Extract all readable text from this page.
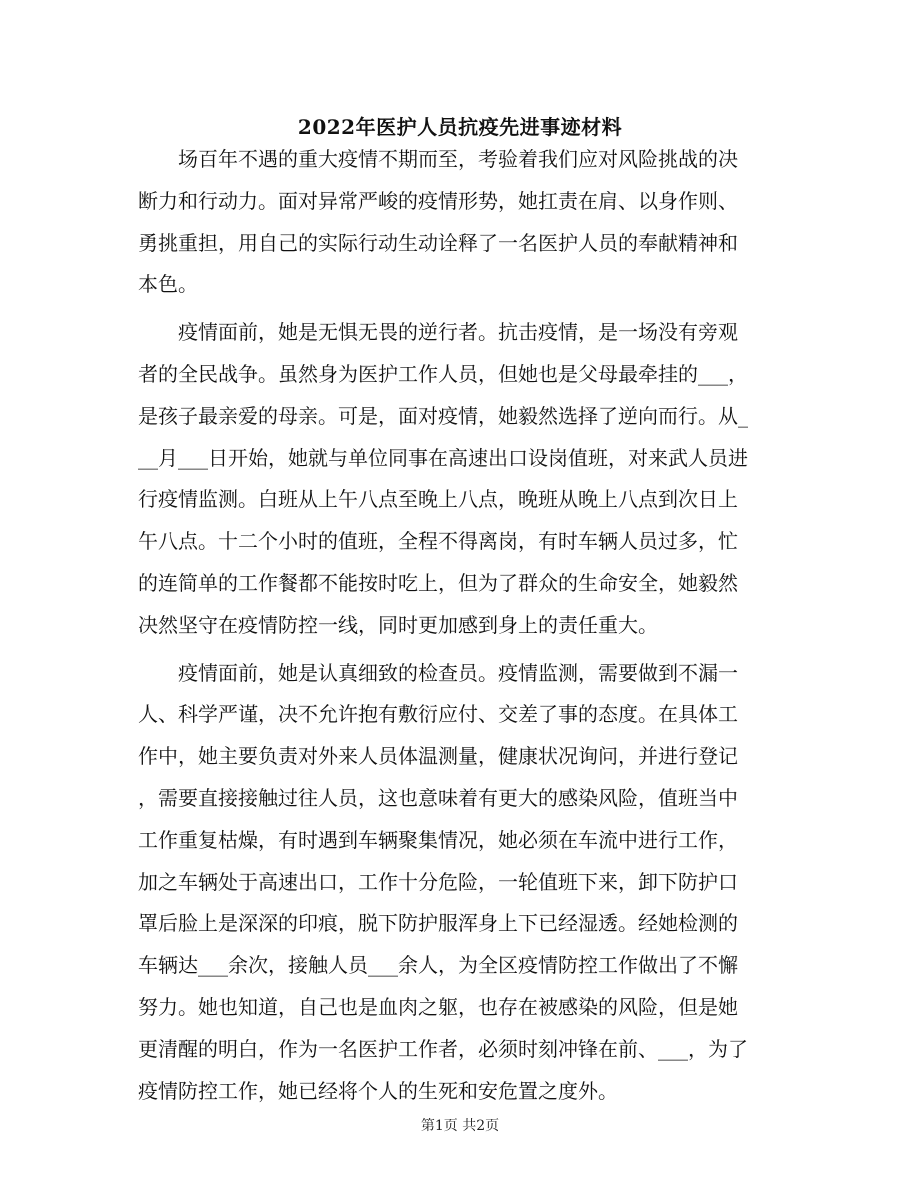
2022年医护人员抗疫先进事迹材料
场百年不遇的重大疫情不期而至，考验着我们应对风险挑战的决
断力和行动力。面对异常严峻的疫情形势，她扛责在肩、以身作则、
勇挑重担，用自己的实际行动生动诠释了一名医护人员的奉献精神和
本色。
疫情面前，她是无惧无畏的逆行者。抗击疫情，是一场没有旁观
者的全民战争。虽然身为医护工作人员，但她也是父母最牵挂的___，
是孩子最亲爱的母亲。可是，面对疫情，她毅然选择了逆向而行。从_
__月___日开始，她就与单位同事在高速出口设岗值班，对来武人员进
行疫情监测。白班从上午八点至晚上八点，晚班从晚上八点到次日上
午八点。十二个小时的值班，全程不得离岗，有时车辆人员过多，忙
的连简单的工作餐都不能按时吃上，但为了群众的生命安全，她毅然
决然坚守在疫情防控一线，同时更加感到身上的责任重大。
疫情面前，她是认真细致的检查员。疫情监测，需要做到不漏一
人、科学严谨，决不允许抱有敷衍应付、交差了事的态度。在具体工
作中，她主要负责对外来人员体温测量，健康状况询问，并进行登记
，需要直接接触过往人员，这也意味着有更大的感染风险，值班当中
工作重复枯燥，有时遇到车辆聚集情况，她必须在车流中进行工作，
加之车辆处于高速出口，工作十分危险，一轮值班下来，卸下防护口
罩后脸上是深深的印痕，脱下防护服浑身上下已经湿透。经她检测的
车辆达___余次，接触人员___余人，为全区疫情防控工作做出了不懈
努力。她也知道，自己也是血肉之躯，也存在被感染的风险，但是她
更清醒的明白，作为一名医护工作者，必须时刻冲锋在前、___，为了
疫情防控工作，她已经将个人的生死和安危置之度外。
第1页 共2页
